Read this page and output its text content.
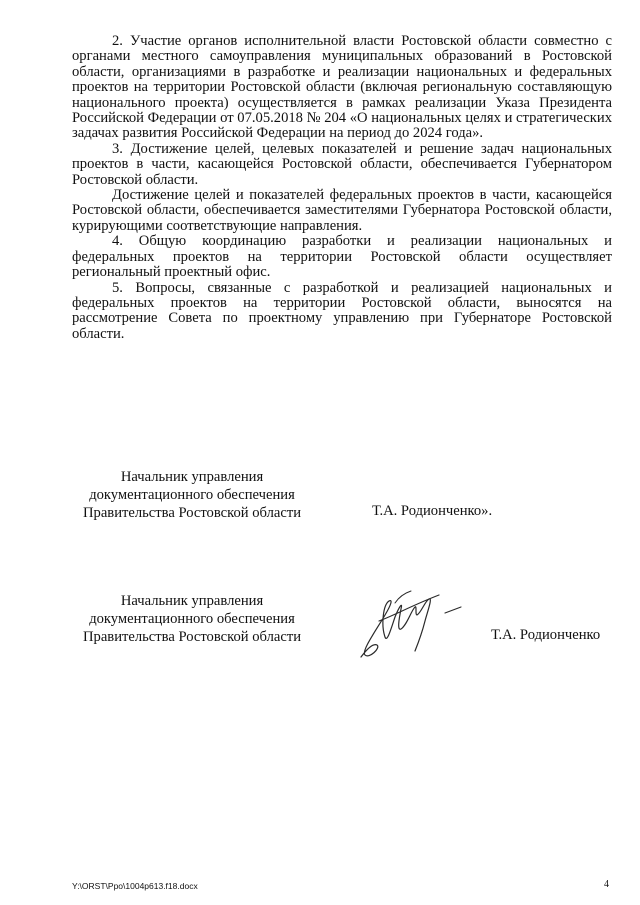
2. Участие органов исполнительной власти Ростовской области совместно с органами местного самоуправления муниципальных образований в Ростовской области, организациями в разработке и реализации национальных и федеральных проектов на территории Ростовской области (включая региональную составляющую национального проекта) осуществляется в рамках реализации Указа Президента Российской Федерации от 07.05.2018 № 204 «О национальных целях и стратегических задачах развития Российской Федерации на период до 2024 года».

3. Достижение целей, целевых показателей и решение задач национальных проектов в части, касающейся Ростовской области, обеспечивается Губернатором Ростовской области.

Достижение целей и показателей федеральных проектов в части, касающейся Ростовской области, обеспечивается заместителями Губернатора Ростовской области, курирующими соответствующие направления.

4. Общую координацию разработки и реализации национальных и федеральных проектов на территории Ростовской области осуществляет региональный проектный офис.

5. Вопросы, связанные с разработкой и реализацией национальных и федеральных проектов на территории Ростовской области, выносятся на рассмотрение Совета по проектному управлению при Губернаторе Ростовской области.

Начальник управления
документационного обеспечения
Правительства Ростовской области	Т.А. Родионченко».
Начальник управления
документационного обеспечения
Правительства Ростовской области	Т.А. Родионченко
Y:\ORST\Ppo\1004p613.f18.docx	4
